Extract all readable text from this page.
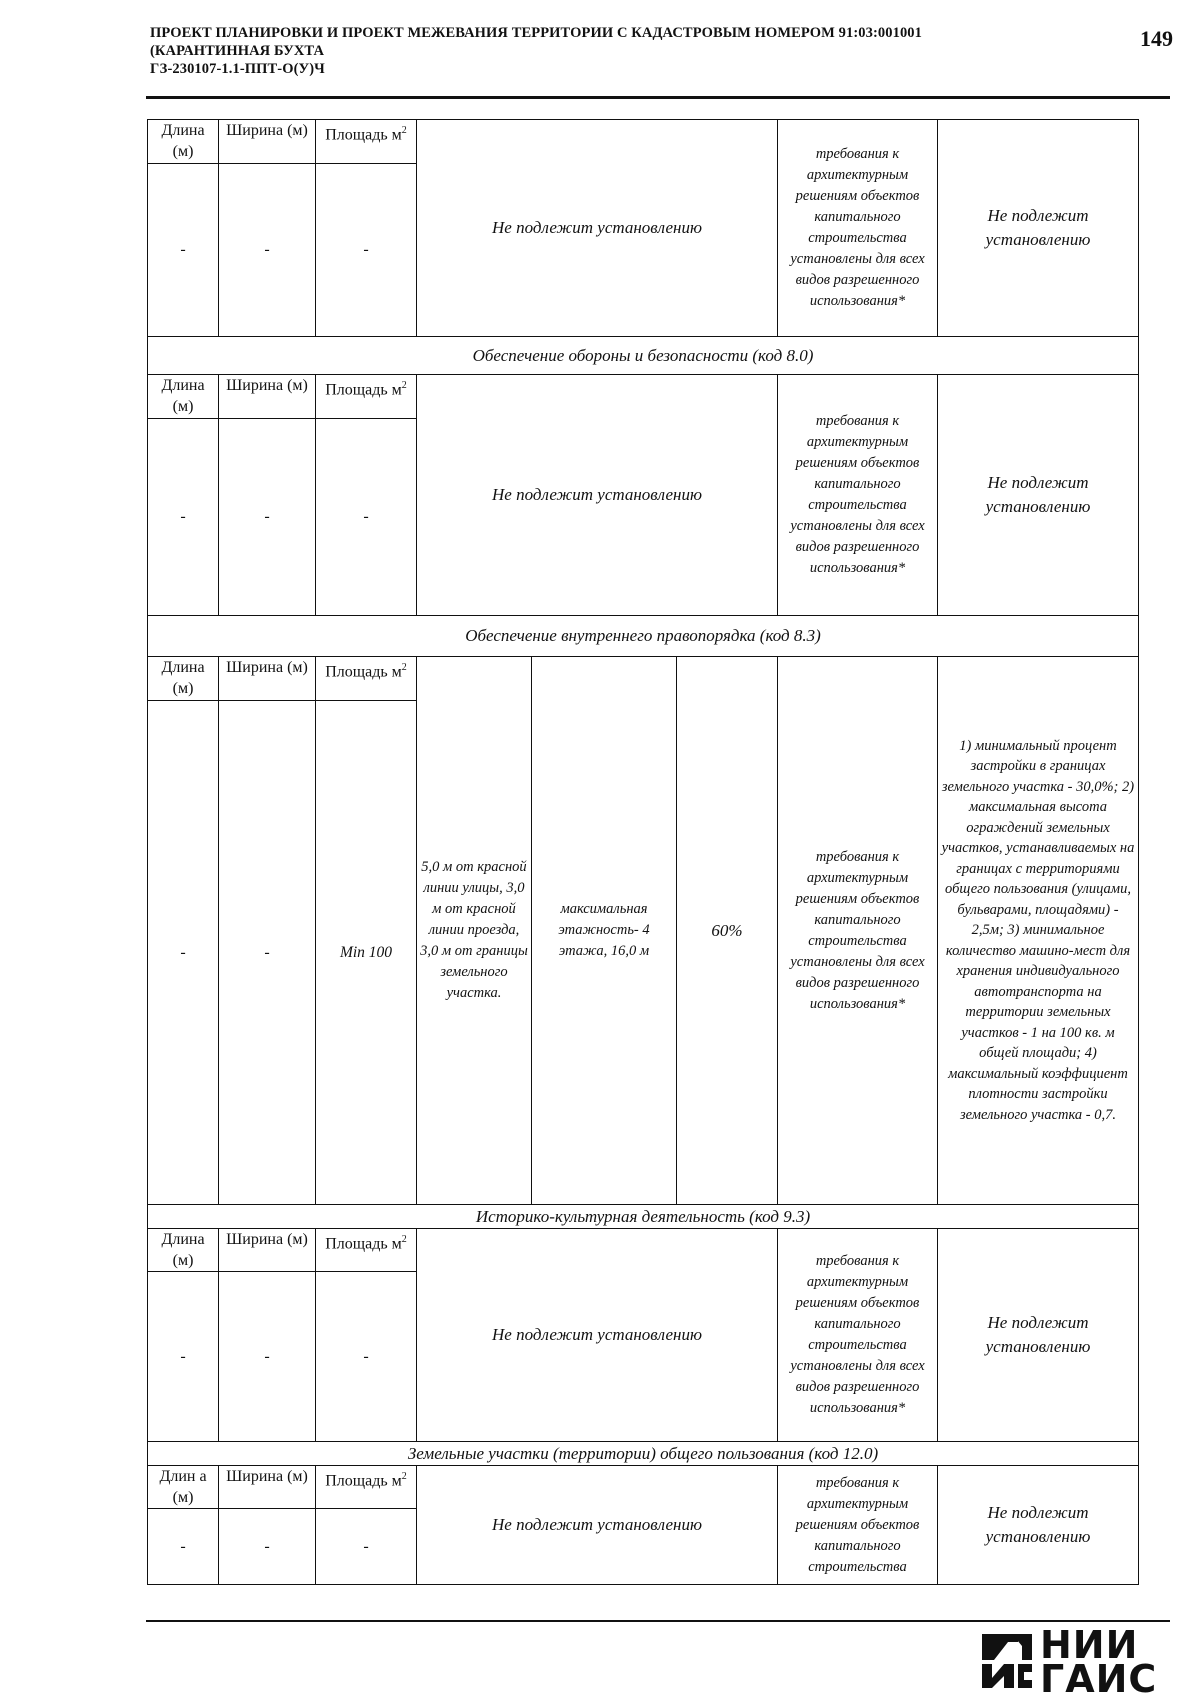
ПРОЕКТ ПЛАНИРОВКИ И ПРОЕКТ МЕЖЕВАНИЯ ТЕРРИТОРИИ С КАДАСТРОВЫМ НОМЕРОМ 91:03:001001
(КАРАНТИННАЯ БУХТА
ГЗ-230107-1.1-ППТ-О(У)Ч
149
Длина (м)	Ширина (м)	Площадь $м^2$	Не подлежит установлению			требования к архитектурным решениям объектов капитального строительства установлены для всех видов разрешенного использования*	Не подлежит установлению
-	-	-					
Обеспечение обороны и безопасности (код 8.0)							
Длина (м)	Ширина (м)	Площадь $м^2$	Не подлежит установлению			требования к архитектурным решениям объектов капитального строительства установлены для всех видов разрешенного использования*	Не подлежит установлению
-	-	-					
Обеспечение внутреннего правопорядка (код 8.3)							
Длина (м)	Ширина (м)	Площадь $м^2$	5,0 м от красной линии улицы, 3,0 м от красной линии проезда, 3,0 м от границы земельного участка.	максимальная этажность- 4 этажа, 16,0 м	60%	требования к архитектурным решениям объектов капитального строительства установлены для всех видов разрешенного использования*	1) минимальный процент застройки в границах земельного участка - 30,0%; 2) максимальная высота ограждений земельных участков, устанавливаемых на границах с территориями общего пользования (улицами, бульварами, площадями) - 2,5м; 3) минимальное количество машино-мест для хранения индивидуального автотранспорта на территории земельных участков - 1 на 100 кв. м общей площади; 4) максимальный коэффициент плотности застройки земельного участка - 0,7.
-	-	Min 100					
Историко-культурная деятельность (код 9.3)							
Длина (м)	Ширина (м)	Площадь $м^2$	Не подлежит установлению			требования к архитектурным решениям объектов капитального строительства установлены для всех видов разрешенного использования*	Не подлежит установлению
-	-	-					
Земельные участки (территории) общего пользования (код 12.0)							
Длин а (м)	Ширина (м)	Площадь $м^2$	Не подлежит установлению			требования к архитектурным решениям объектов капитального строительства	Не подлежит установлению
-	-	-					
НИИ
ГАИС
